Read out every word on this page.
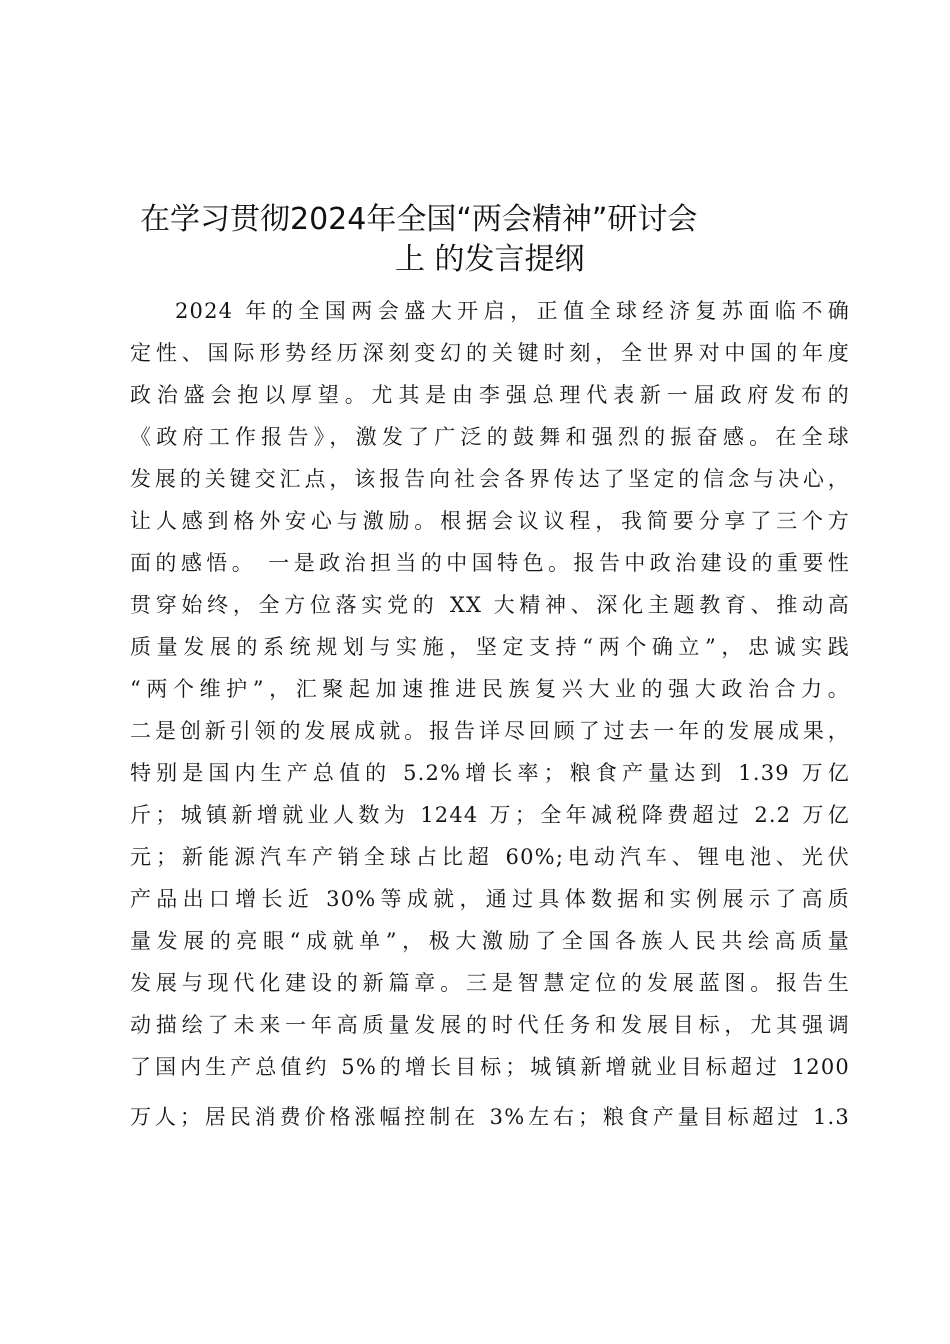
在学习贯彻2024年全国“两会精神”研讨会
上 的发言提纲
2024 年的全国两会盛大开启，正值全球经济复苏面临不确
定性、国际形势经历深刻变幻的关键时刻，全世界对中国的年度
政治盛会抱以厚望。尤其是由李强总理代表新一届政府发布的
《政府工作报告》，激发了广泛的鼓舞和强烈的振奋感。在全球
发展的关键交汇点，该报告向社会各界传达了坚定的信念与决心，
让人感到格外安心与激励。根据会议议程，我简要分享了三个方
面的感悟。 一是政治担当的中国特色。报告中政治建设的重要性
贯穿始终，全方位落实党的 XX 大精神、深化主题教育、推动高
质量发展的系统规划与实施，坚定支持“两个确立”，忠诚实践
“两个维护”，汇聚起加速推进民族复兴大业的强大政治合力。
二是创新引领的发展成就。报告详尽回顾了过去一年的发展成果，
特别是国内生产总值的 5.2%增长率；粮食产量达到 1.39 万亿
斤；城镇新增就业人数为 1244 万；全年减税降费超过 2.2 万亿
元；新能源汽车产销全球占比超 60%;电动汽车、锂电池、光伏
产品出口增长近 30%等成就，通过具体数据和实例展示了高质
量发展的亮眼“成就单”，极大激励了全国各族人民共绘高质量
发展与现代化建设的新篇章。三是智慧定位的发展蓝图。报告生
动描绘了未来一年高质量发展的时代任务和发展目标，尤其强调
了国内生产总值约 5%的增长目标；城镇新增就业目标超过 1200
万人；居民消费价格涨幅控制在 3%左右；粮食产量目标超过 1.3
